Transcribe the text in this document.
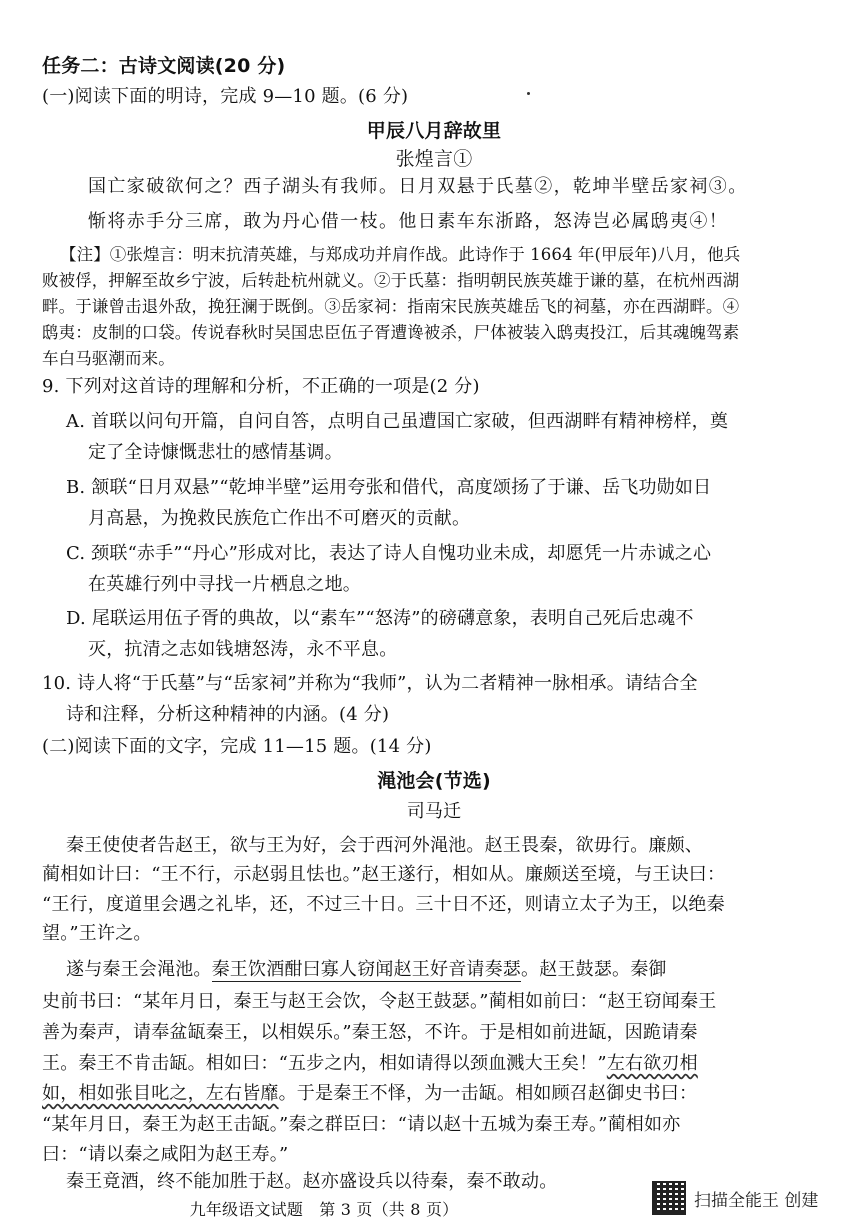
任务二：古诗文阅读(20 分)
(一)阅读下面的明诗，完成 9—10 题。(6 分)
甲辰八月辞故里
张煌言①
国亡家破欲何之？西子湖头有我师。日月双悬于氏墓②，乾坤半壁岳家祠③。
惭将赤手分三席，敢为丹心借一枝。他日素车东浙路，怒涛岂必属鸱夷④！
【注】①张煌言：明末抗清英雄，与郑成功并肩作战。此诗作于 1664 年(甲辰年)八月，他兵
败被俘，押解至故乡宁波，后转赴杭州就义。②于氏墓：指明朝民族英雄于谦的墓，在杭州西湖
畔。于谦曾击退外敌，挽狂澜于既倒。③岳家祠：指南宋民族英雄岳飞的祠墓，亦在西湖畔。④
鸱夷：皮制的口袋。传说春秋时吴国忠臣伍子胥遭谗被杀，尸体被装入鸱夷投江，后其魂魄驾素
车白马驱潮而来。
9. 下列对这首诗的理解和分析，不正确的一项是(2 分)
A. 首联以问句开篇，自问自答，点明自己虽遭国亡家破，但西湖畔有精神榜样，奠
定了全诗慷慨悲壮的感情基调。
B. 颔联“日月双悬”“乾坤半壁”运用夸张和借代，高度颂扬了于谦、岳飞功勋如日
月高悬，为挽救民族危亡作出不可磨灭的贡献。
C. 颈联“赤手”“丹心”形成对比，表达了诗人自愧功业未成，却愿凭一片赤诚之心
在英雄行列中寻找一片栖息之地。
D. 尾联运用伍子胥的典故，以“素车”“怒涛”的磅礴意象，表明自己死后忠魂不
灭，抗清之志如钱塘怒涛，永不平息。
10. 诗人将“于氏墓”与“岳家祠”并称为“我师”，认为二者精神一脉相承。请结合全
诗和注释，分析这种精神的内涵。(4 分)
(二)阅读下面的文字，完成 11—15 题。(14 分)
渑池会(节选)
司马迁
秦王使使者告赵王，欲与王为好，会于西河外渑池。赵王畏秦，欲毋行。廉颇、
蔺相如计曰：“王不行，示赵弱且怯也。”赵王遂行，相如从。廉颇送至境，与王诀曰：
“王行，度道里会遇之礼毕，还，不过三十日。三十日不还，则请立太子为王，以绝秦
望。”王许之。
遂与秦王会渑池。秦王饮酒酣曰寡人窃闻赵王好音请奏瑟。赵王鼓瑟。秦御
史前书曰：“某年月日，秦王与赵王会饮，令赵王鼓瑟。”蔺相如前曰：“赵王窃闻秦王
善为秦声，请奉盆缻秦王，以相娱乐。”秦王怒，不许。于是相如前进缻，因跪请秦
王。秦王不肯击缻。相如曰：“五步之内，相如请得以颈血溅大王矣！”左右欲刃相
如，相如张目叱之，左右皆靡。于是秦王不怿，为一击缻。相如顾召赵御史书曰：
“某年月日，秦王为赵王击缻。”秦之群臣曰：“请以赵十五城为秦王寿。”蔺相如亦
曰：“请以秦之咸阳为赵王寿。”
秦王竟酒，终不能加胜于赵。赵亦盛设兵以待秦，秦不敢动。
九年级语文试题　第 3 页（共 8 页）	扫描全能王 创建
